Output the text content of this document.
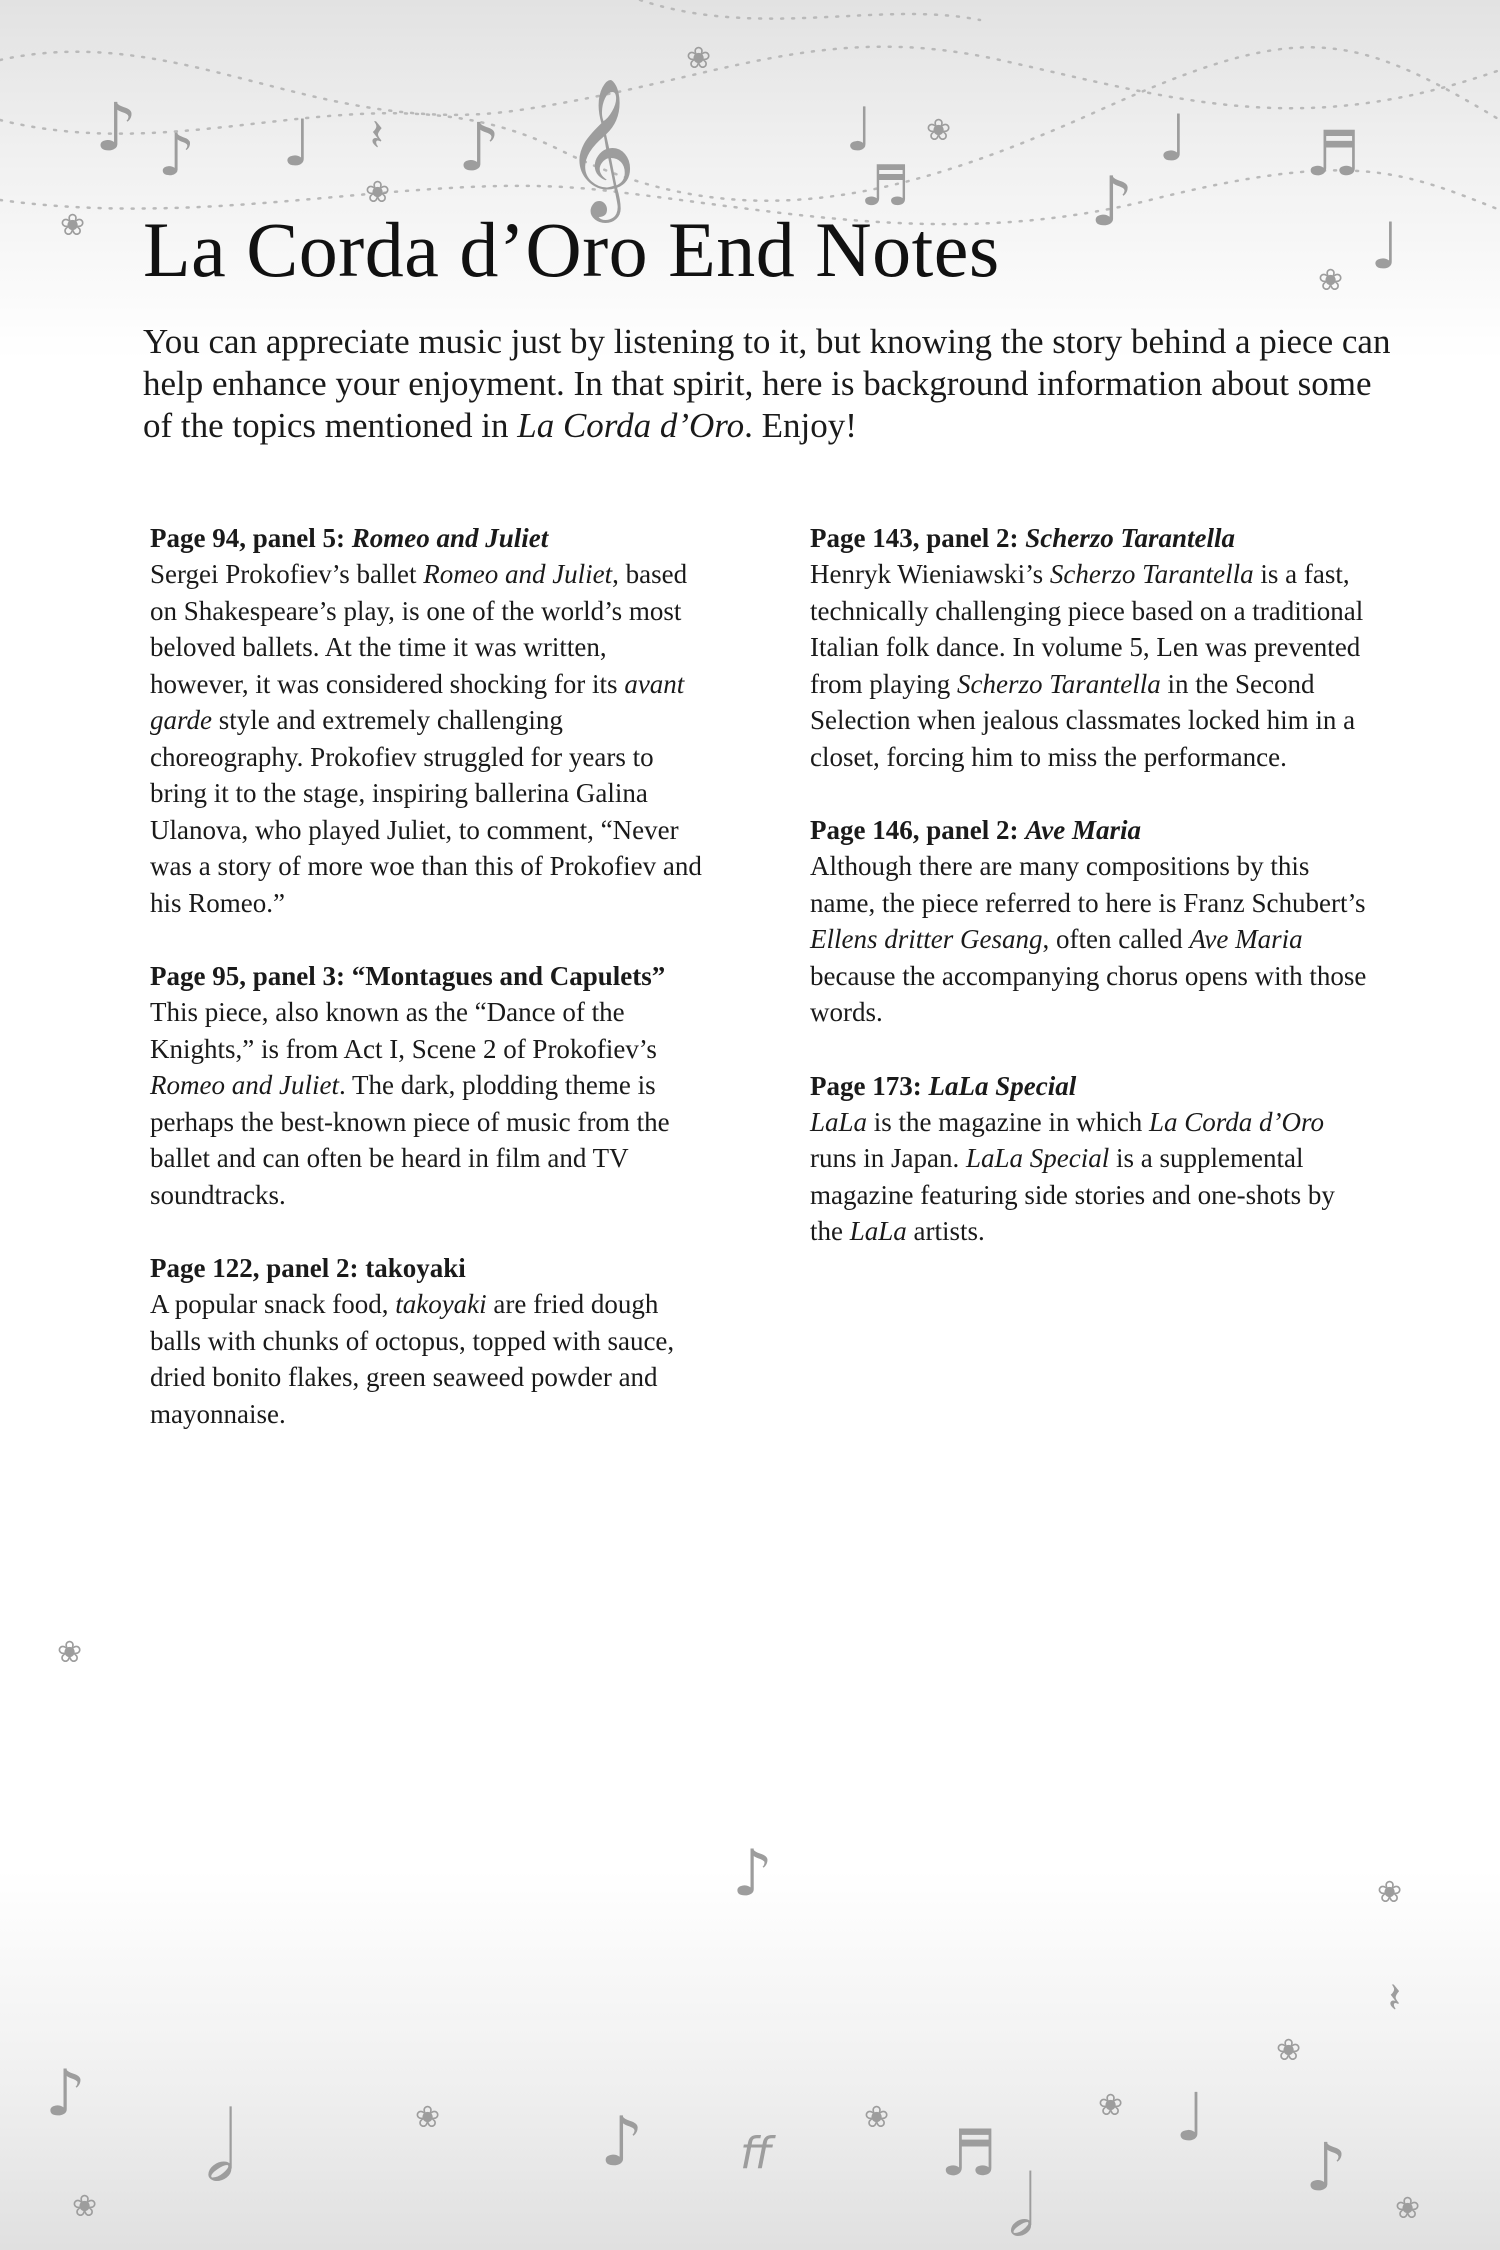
♪ ♪ ♩ 𝄽 ♪ 𝄞	♩
♬	♪
♩ ♬
♩
❀
❀
❀
❀
❀
❀
♪	❀
𝄽
❀
♪ 𝅗𝅥	❀ ♪ ff
❀ ♬
𝅗𝅥
❀ ♩
♪
❀	❀
La Corda d’Oro End Notes

You can appreciate music just by listening to it, but knowing the story behind a piece can help enhance your enjoyment. In that spirit, here is background information about some of the topics mentioned in La Corda d’Oro. Enjoy!

Page 94, panel 5: Romeo and Juliet

Sergei Prokofiev’s ballet Romeo and Juliet, based on Shakespeare’s play, is one of the world’s most beloved ballets. At the time it was written, however, it was considered shocking for its avant garde style and extremely challenging choreography. Prokofiev struggled for years to bring it to the stage, inspiring ballerina Galina Ulanova, who played Juliet, to comment, “Never was a story of more woe than this of Prokofiev and his Romeo.”

Page 95, panel 3: “Montagues and Capulets”

This piece, also known as the “Dance of the Knights,” is from Act I, Scene 2 of Prokofiev’s Romeo and Juliet. The dark, plodding theme is perhaps the best-known piece of music from the ballet and can often be heard in film and TV soundtracks.

Page 122, panel 2: takoyaki

A popular snack food, takoyaki are fried dough balls with chunks of octopus, topped with sauce, dried bonito flakes, green seaweed powder and mayonnaise.

Page 143, panel 2: Scherzo Tarantella

Henryk Wieniawski’s Scherzo Tarantella is a fast, technically challenging piece based on a traditional Italian folk dance. In volume 5, Len was prevented from playing Scherzo Tarantella in the Second Selection when jealous classmates locked him in a closet, forcing him to miss the performance.

Page 146, panel 2: Ave Maria

Although there are many compositions by this name, the piece referred to here is Franz Schubert’s Ellens dritter Gesang, often called Ave Maria because the accompanying chorus opens with those words.

Page 173: LaLa Special

LaLa is the magazine in which La Corda d’Oro runs in Japan. LaLa Special is a supplemental magazine featuring side stories and one-shots by the LaLa artists.
